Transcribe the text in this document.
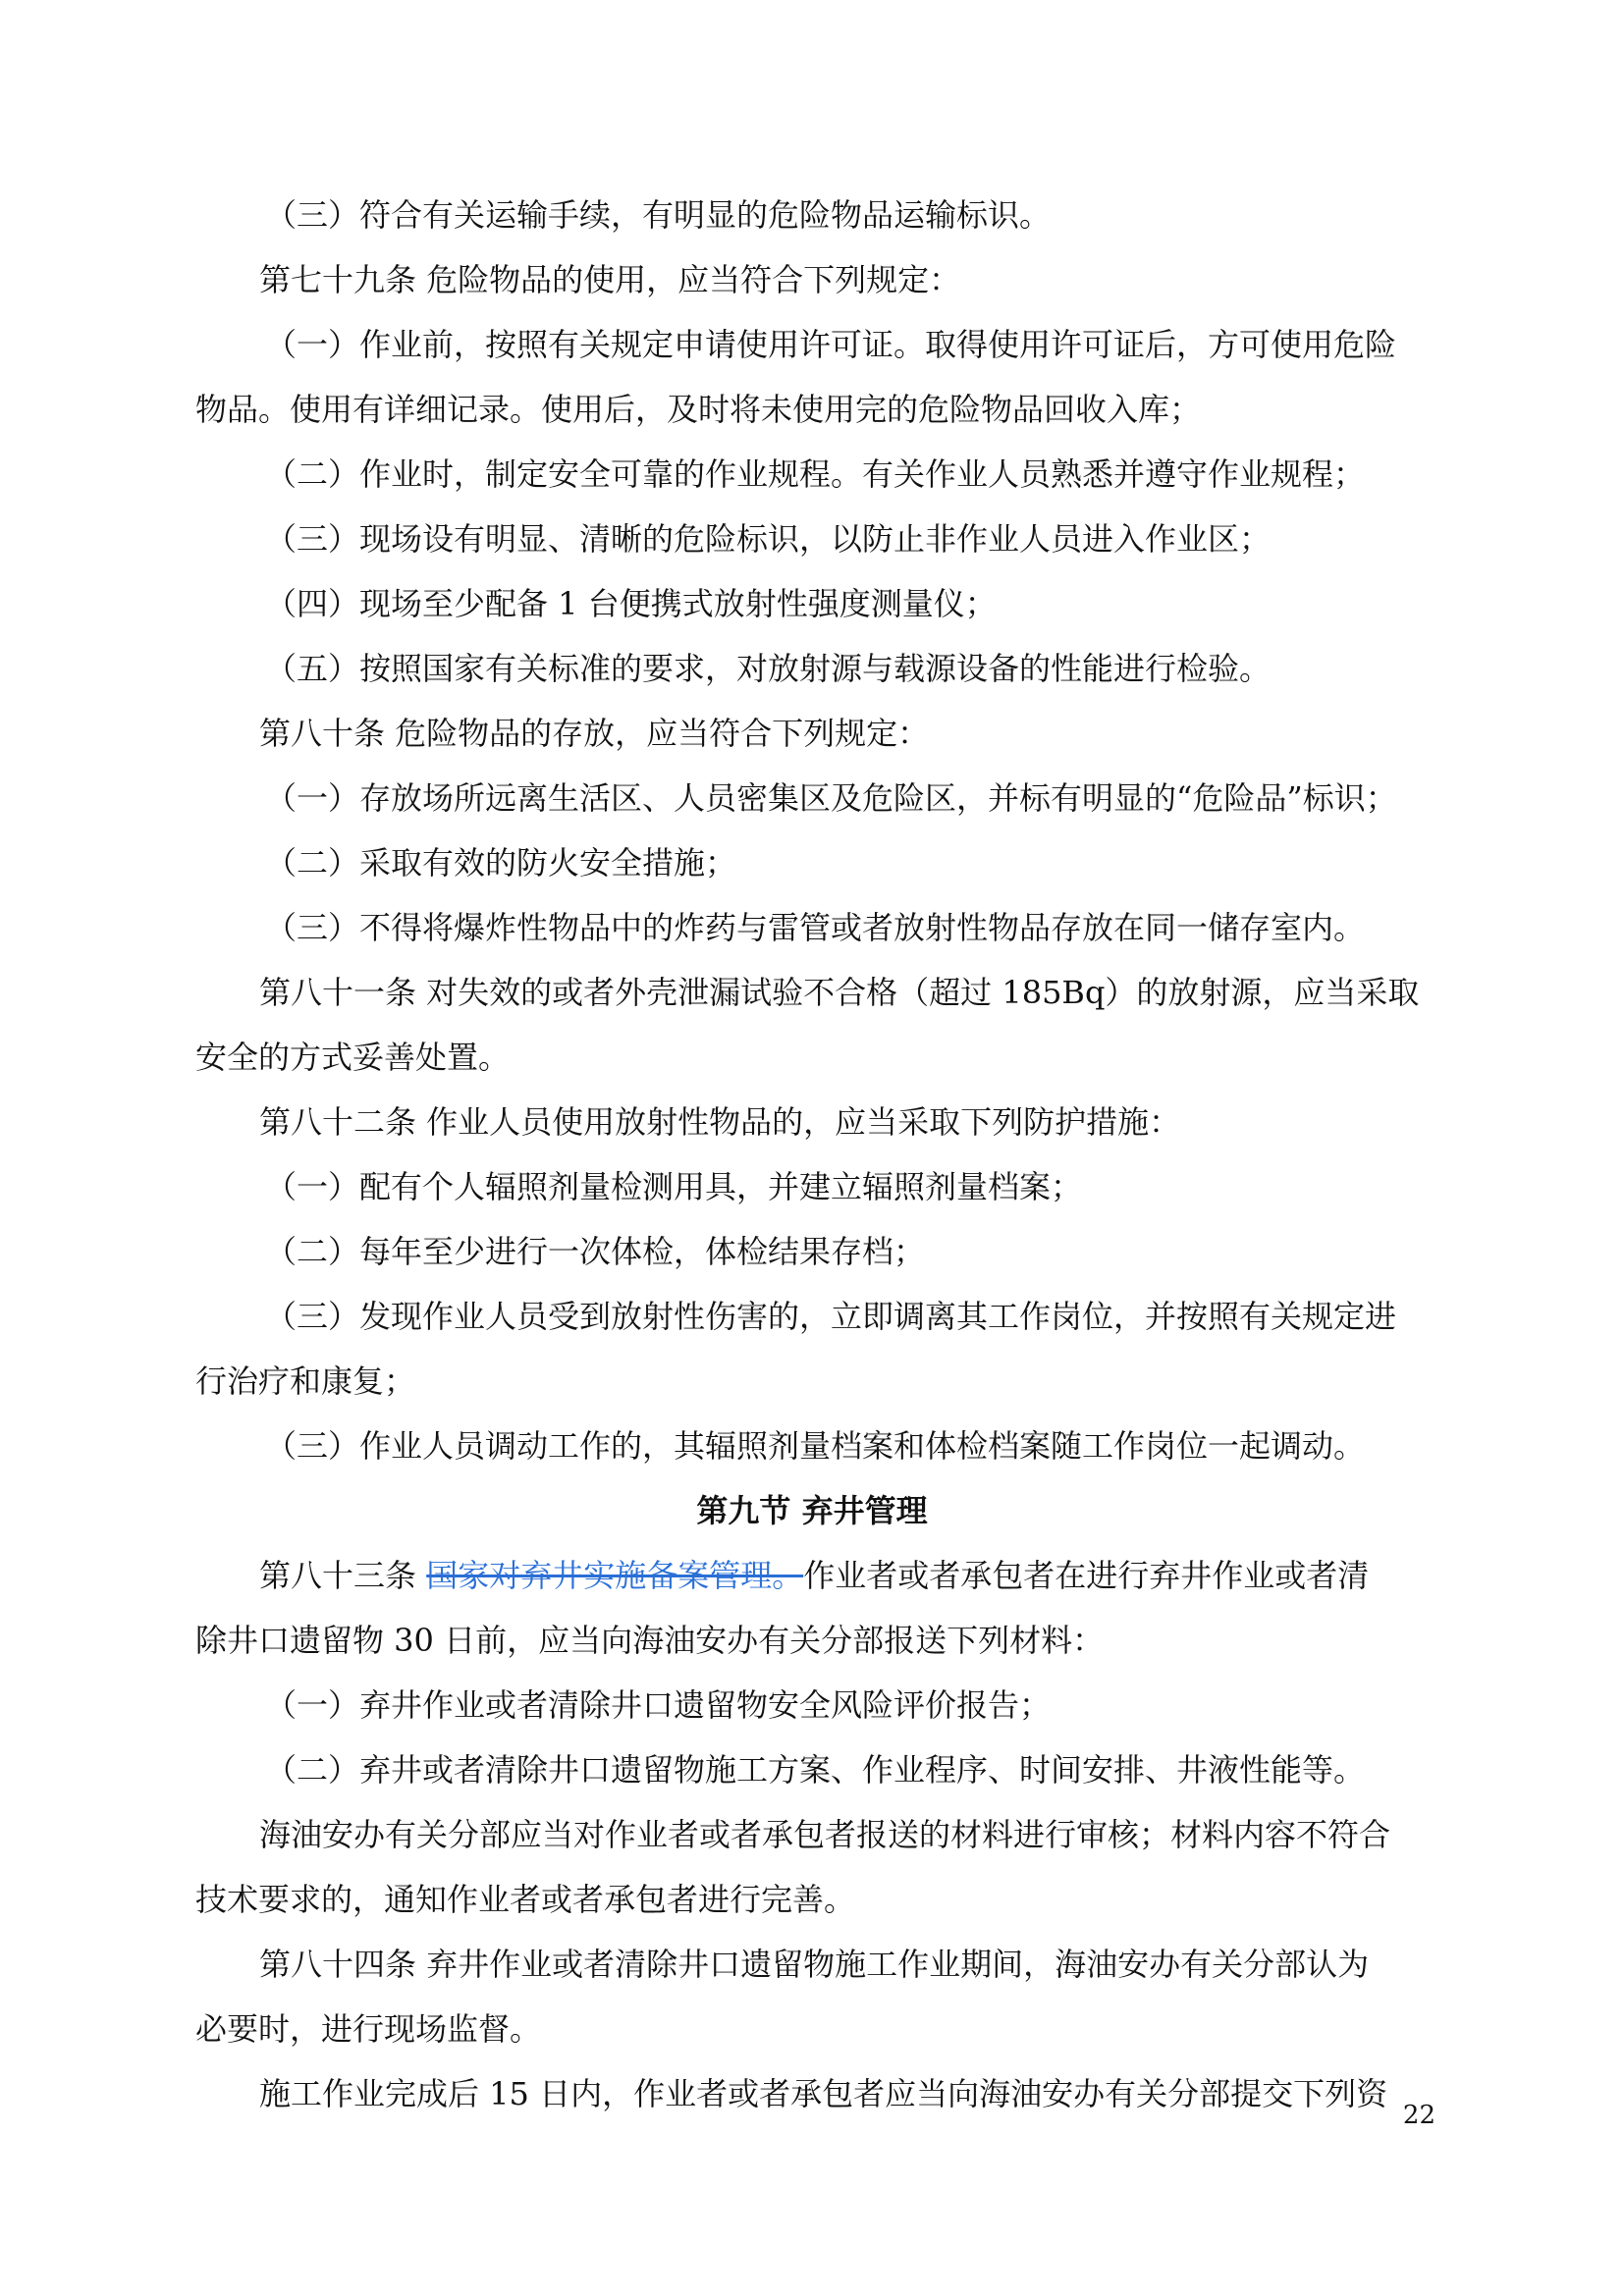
（三）符合有关运输手续，有明显的危险物品运输标识。

第七十九条 危险物品的使用，应当符合下列规定：

（一）作业前，按照有关规定申请使用许可证。取得使用许可证后，方可使用危险

物品。使用有详细记录。使用后，及时将未使用完的危险物品回收入库；

（二）作业时，制定安全可靠的作业规程。有关作业人员熟悉并遵守作业规程；

（三）现场设有明显、清晰的危险标识，以防止非作业人员进入作业区；

（四）现场至少配备 1 台便携式放射性强度测量仪；

（五）按照国家有关标准的要求，对放射源与载源设备的性能进行检验。

第八十条 危险物品的存放，应当符合下列规定：

（一）存放场所远离生活区、人员密集区及危险区，并标有明显的“危险品”标识；

（二）采取有效的防火安全措施；

（三）不得将爆炸性物品中的炸药与雷管或者放射性物品存放在同一储存室内。

第八十一条 对失效的或者外壳泄漏试验不合格（超过 185Bq）的放射源，应当采取

安全的方式妥善处置。

第八十二条 作业人员使用放射性物品的，应当采取下列防护措施：

（一）配有个人辐照剂量检测用具，并建立辐照剂量档案；

（二）每年至少进行一次体检，体检结果存档；

（三）发现作业人员受到放射性伤害的，立即调离其工作岗位，并按照有关规定进

行治疗和康复；

（三）作业人员调动工作的，其辐照剂量档案和体检档案随工作岗位一起调动。

第九节 弃井管理

第八十三条 国家对弃井实施备案管理。作业者或者承包者在进行弃井作业或者清

除井口遗留物 30 日前，应当向海油安办有关分部报送下列材料：

（一）弃井作业或者清除井口遗留物安全风险评价报告；

（二）弃井或者清除井口遗留物施工方案、作业程序、时间安排、井液性能等。

海油安办有关分部应当对作业者或者承包者报送的材料进行审核；材料内容不符合

技术要求的，通知作业者或者承包者进行完善。

第八十四条 弃井作业或者清除井口遗留物施工作业期间，海油安办有关分部认为

必要时，进行现场监督。

施工作业完成后 15 日内，作业者或者承包者应当向海油安办有关分部提交下列资

22
